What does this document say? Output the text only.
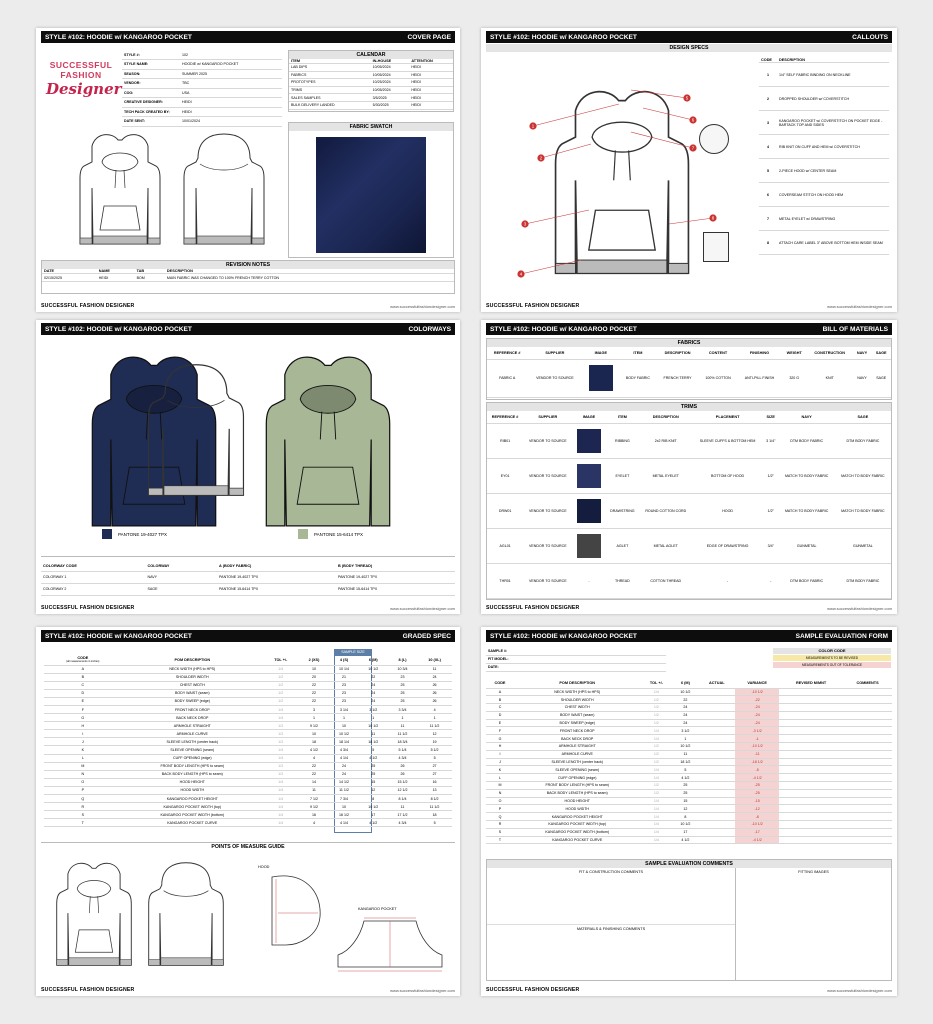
STYLE #102: HOODIE w/ KANGAROO POCKET	COVER PAGE
SUCCESSFUL
FASHION
Designer
STYLE #:	102
STYLE NAME:	HOODIE w/ KANGAROO POCKET
SEASON:	SUMMER 2025
VENDOR:	TBC
COO:	USA
CREATIVE DESIGNER:	HEIDI
TECH PACK CREATED BY:	HEIDI
DATE SENT:	10/01/2024
CALENDAR
ITEM	IN-HOUSE	ATTENTION
LAB DIPS	10/05/2024	HEIDI
FABRICS	10/05/2024	HEIDI
PROTOTYPES	10/25/2024	HEIDI
TRIMS	10/05/2024	HEIDI
SALES SAMPLES	3/5/2025	HEIDI
BULK DELIVERY LANDED	5/30/2025	HEIDI
FABRIC SWATCH
REVISION NOTES
DATE	NAME	TAB	DESCRIPTION
02/15/2025	HEIDI	BOM	MAIN FABRIC WAS CHANGED TO 100% FRENCH TERRY COTTON
SUCCESSFUL FASHION DESIGNER	www.successfulfashiondesigner.com
STYLE #102: HOODIE w/ KANGAROO POCKET	CALLOUTS
DESIGN SPECS
1
2
3
4
5
6
7
8
CODE	DESCRIPTION
1	1/4" SELF FABRIC BINDING ON NECKLINE
2	DROPPED SHOULDER w/ COVERSTITCH
3	KANGAROO POCKET w/ COVERSTITCH ON POCKET EDGE - BARTACK TOP AND SIDES
4	RIB KNIT ON CUFF AND HEM w/ COVERSTITCH
5	2-PIECE HOOD w/ CENTER SEAM
6	COVERSEAM STITCH ON HOOD HEM
7	METAL EYELET w/ DRAWSTRING
8	ATTACH CARE LABEL 3" ABOVE BOTTOM HEM INSIDE SEAM
SUCCESSFUL FASHION DESIGNER	www.successfulfashiondesigner.com
STYLE #102: HOODIE w/ KANGAROO POCKET	COLORWAYS
PANTONE 19-4027 TPX	PANTONE 15-6414 TPX
COLORWAY CODE	COLORWAY	A (BODY FABRIC)	B (BODY THREAD)
COLORWAY 1	NAVY	PANTONE 19-4027 TPX	PANTONE 19-4027 TPX
COLORWAY 2	SAGE	PANTONE 15-6414 TPX	PANTONE 15-6414 TPX
SUCCESSFUL FASHION DESIGNER	www.successfulfashiondesigner.com
STYLE #102: HOODIE w/ KANGAROO POCKET	BILL OF MATERIALS
FABRICS
REFERENCE #	SUPPLIER	IMAGE	ITEM	DESCRIPTION	CONTENT	FINISHING	WEIGHT	CONSTRUCTION	NAVY	SAGE
FABRIC A	VENDOR TO SOURCE		BODY FABRIC	FRENCH TERRY	100% COTTON	ANTI-PILL FINISH	320 G	KNIT	NAVY	SAGE
TRIMS
REFERENCE #	SUPPLIER	IMAGE	ITEM	DESCRIPTION	PLACEMENT	SIZE	NAVY	SAGE
RIB01	VENDOR TO SOURCE		RIBBING	2x2 RIB KNIT	SLEEVE CUFFS & BOTTOM HEM	3 1/4"	DTM BODY FABRIC	DTM BODY FABRIC
EY01	VENDOR TO SOURCE		EYELET	METAL EYELET	BOTTOM OF HOOD	1/2"	MATCH TO BODY FABRIC	MATCH TO BODY FABRIC
DRW01	VENDOR TO SOURCE		DRAWSTRING	ROUND COTTON CORD	HOOD	1/2"	MATCH TO BODY FABRIC	MATCH TO BODY FABRIC
AGL01	VENDOR TO SOURCE		AGLET	METAL AGLET	EDGE OF DRAWSTRING	3/4"	GUNMETAL	GUNMETAL
THR01	VENDOR TO SOURCE	-	THREAD	COTTON THREAD	-	-	DTM BODY FABRIC	DTM BODY FABRIC
SUCCESSFUL FASHION DESIGNER	www.successfulfashiondesigner.com
STYLE #102: HOODIE w/ KANGAROO POCKET	GRADED SPEC
SAMPLE SIZE
CODE
(all measurements in inches)	POM DESCRIPTION	TOL +/-	2 (XS)	4 (S)	6 (M)	8 (L)	10 (XL)
A	NECK WIDTH (HPS to HPS)	1/4	10	10 1/4	10 1/2	10 3/4	11
B	SHOULDER WIDTH	1/2	20	21	22	23	24
C	CHEST WIDTH	1/2	22	23	24	25	26
D	BODY WAIST (seam)	1/2	22	23	24	25	26
E	BODY SWEEP (edge)	1/2	22	23	24	25	26
F	FRONT NECK DROP	1/4	3	3 1/4	3 1/2	3 3/4	4
G	BACK NECK DROP	1/4	1	1	1	1	1
H	ARMHOLE STRAIGHT	1/2	9 1/2	10	10 1/2	11	11 1/2
I	ARMHOLE CURVE	1/2	10	10 1/2	11	11 1/2	12
J	SLEEVE LENGTH (center back)	1/2	18	18 1/4	18 1/2	18 3/4	19
K	SLEEVE OPENING (seam)	1/4	4 1/2	4 3/4	5	5 1/4	5 1/2
L	CUFF OPENING (edge)	1/4	4	4 1/4	4 1/2	4 3/4	5
M	FRONT BODY LENGTH (HPS to seam)	1/2	22	24	25	26	27
N	BACK BODY LENGTH (HPS to seam)	1/2	22	24	25	26	27
O	HOOD HEIGHT	1/4	14	14 1/2	15	15 1/2	16
P	HOOD WIDTH	1/4	11	11 1/2	12	12 1/2	13
Q	KANGAROO POCKET HEIGHT	1/4	7 1/2	7 3/4	8	8 1/4	8 1/2
R	KANGAROO POCKET WIDTH (top)	1/4	9 1/2	10	10 1/2	11	11 1/2
S	KANGAROO POCKET WIDTH (bottom)	1/4	16	16 1/2	17	17 1/2	18
T	KANGAROO POCKET CURVE	1/4	4	4 1/4	4 1/2	4 3/4	5
POINTS OF MEASURE GUIDE
HOOD
KANGAROO POCKET
SUCCESSFUL FASHION DESIGNER	www.successfulfashiondesigner.com
STYLE #102: HOODIE w/ KANGAROO POCKET	SAMPLE EVALUATION FORM
SAMPLE #:	
FIT MODEL:	
DATE:	
COLOR CODE
MEASUREMENTS TO BE REVISED
MEASUREMENTS OUT OF TOLERANCE
CODE	POM DESCRIPTION	TOL +/-	6 (M)	ACTUAL	VARIANCE	REVISED M/MNT	COMMENTS
A	NECK WIDTH (HPS to HPS)	1/4	10 1/2		-10 1/2		
B	SHOULDER WIDTH	1/2	22		-22		
C	CHEST WIDTH	1/2	24		-24		
D	BODY WAIST (seam)	1/2	24		-24		
E	BODY SWEEP (edge)	1/2	24		-24		
F	FRONT NECK DROP	1/4	3 1/2		-3 1/2		
G	BACK NECK DROP	1/4	1		-1		
H	ARMHOLE STRAIGHT	1/2	10 1/2		-10 1/2		
I	ARMHOLE CURVE	1/2	11		-11		
J	SLEEVE LENGTH (center back)	1/2	18 1/2		-18 1/2		
K	SLEEVE OPENING (seam)	1/4	5		-5		
L	CUFF OPENING (edge)	1/4	4 1/2		-4 1/2		
M	FRONT BODY LENGTH (HPS to seam)	1/2	25		-25		
N	BACK BODY LENGTH (HPS to seam)	1/2	25		-25		
O	HOOD HEIGHT	1/4	15		-15		
P	HOOD WIDTH	1/4	12		-12		
Q	KANGAROO POCKET HEIGHT	1/4	8		-8		
R	KANGAROO POCKET WIDTH (top)	1/4	10 1/2		-10 1/2		
S	KANGAROO POCKET WIDTH (bottom)	1/4	17		-17		
T	KANGAROO POCKET CURVE	1/4	4 1/2		-4 1/2		
SAMPLE EVALUATION COMMENTS
FIT & CONSTRUCTION COMMENTS
MATERIALS & FINISHING COMMENTS
FITTING IMAGES
SUCCESSFUL FASHION DESIGNER	www.successfulfashiondesigner.com
